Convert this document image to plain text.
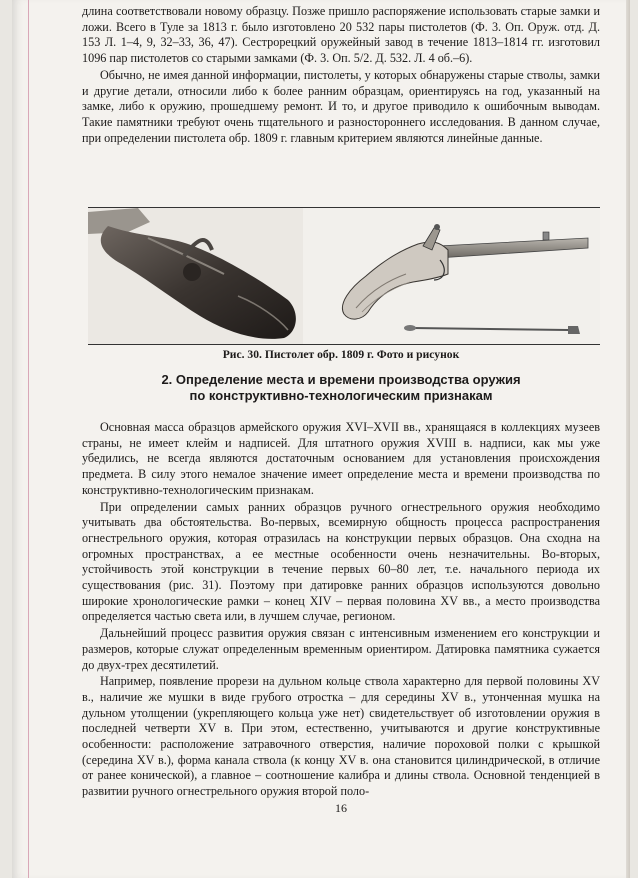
длина соответствовали новому образцу. Позже пришло распоряжение использовать старые замки и ложи. Всего в Туле за 1813 г. было изготовлено 20 532 пары пистолетов (Ф. 3. Оп. Оруж. отд. Д. 153 Л. 1–4, 9, 32–33, 36, 47). Сестрорецкий оружейный завод в течение 1813–1814 гг. изготовил 1096 пар пистолетов со старыми замками (Ф. 3. Оп. 5/2. Д. 532. Л. 4 об.–6).

Обычно, не имея данной информации, пистолеты, у которых обнаружены старые стволы, замки и другие детали, относили либо к более ранним образцам, ориентируясь на год, указанный на замке, либо к оружию, прошедшему ремонт. И то, и другое приводило к ошибочным выводам. Такие памятники требуют очень тщательного и разностороннего исследования. В данном случае, при определении пистолета обр. 1809 г. главным критерием являются линейные данные.

Рис. 30. Пистолет обр. 1809 г. Фото и рисунок
2. Определение места и времени производства оружия
по конструктивно-технологическим признакам

Основная масса образцов армейского оружия XVI–XVII вв., хранящаяся в коллекциях музеев страны, не имеет клейм и надписей. Для штатного оружия XVIII в. надписи, как мы уже убедились, не всегда являются достаточным основанием для установления происхождения предмета. В силу этого немалое значение имеет определение места и времени производства по конструктивно-технологическим признакам.

При определении самых ранних образцов ручного огнестрельного оружия необходимо учитывать два обстоятельства. Во-первых, всемирную общность процесса распространения огнестрельного оружия, которая отразилась на конструкции первых образцов. Она сходна на огромных пространствах, а ее местные особенности очень незначительны. Во-вторых, устойчивость этой конструкции в течение первых 60–80 лет, т.е. начального периода их существования (рис. 31). Поэтому при датировке ранних образцов используются довольно широкие хронологические рамки – конец XIV – первая половина XV вв., а место производства определяется частью света или, в лучшем случае, регионом.

Дальнейший процесс развития оружия связан с интенсивным изменением его конструкции и размеров, которые служат определенным временным ориентиром. Датировка памятника сужается до двух-трех десятилетий.

Например, появление прорези на дульном кольце ствола характерно для первой половины XV в., наличие же мушки в виде грубого отростка – для середины XV в., утонченная мушка на дульном утолщении (укрепляющего кольца уже нет) свидетельствует об изготовлении оружия в последней четверти XV в. При этом, естественно, учитываются и другие конструктивные особенности: расположение затравочного отверстия, наличие пороховой полки с крышкой (середина XV в.), форма канала ствола (к концу XV в. она становится цилиндрической, в отличие от ранее конической), а главное – соотношение калибра и длины ствола. Основной тенденцией в развитии ручного огнестрельного оружия второй поло-

16
